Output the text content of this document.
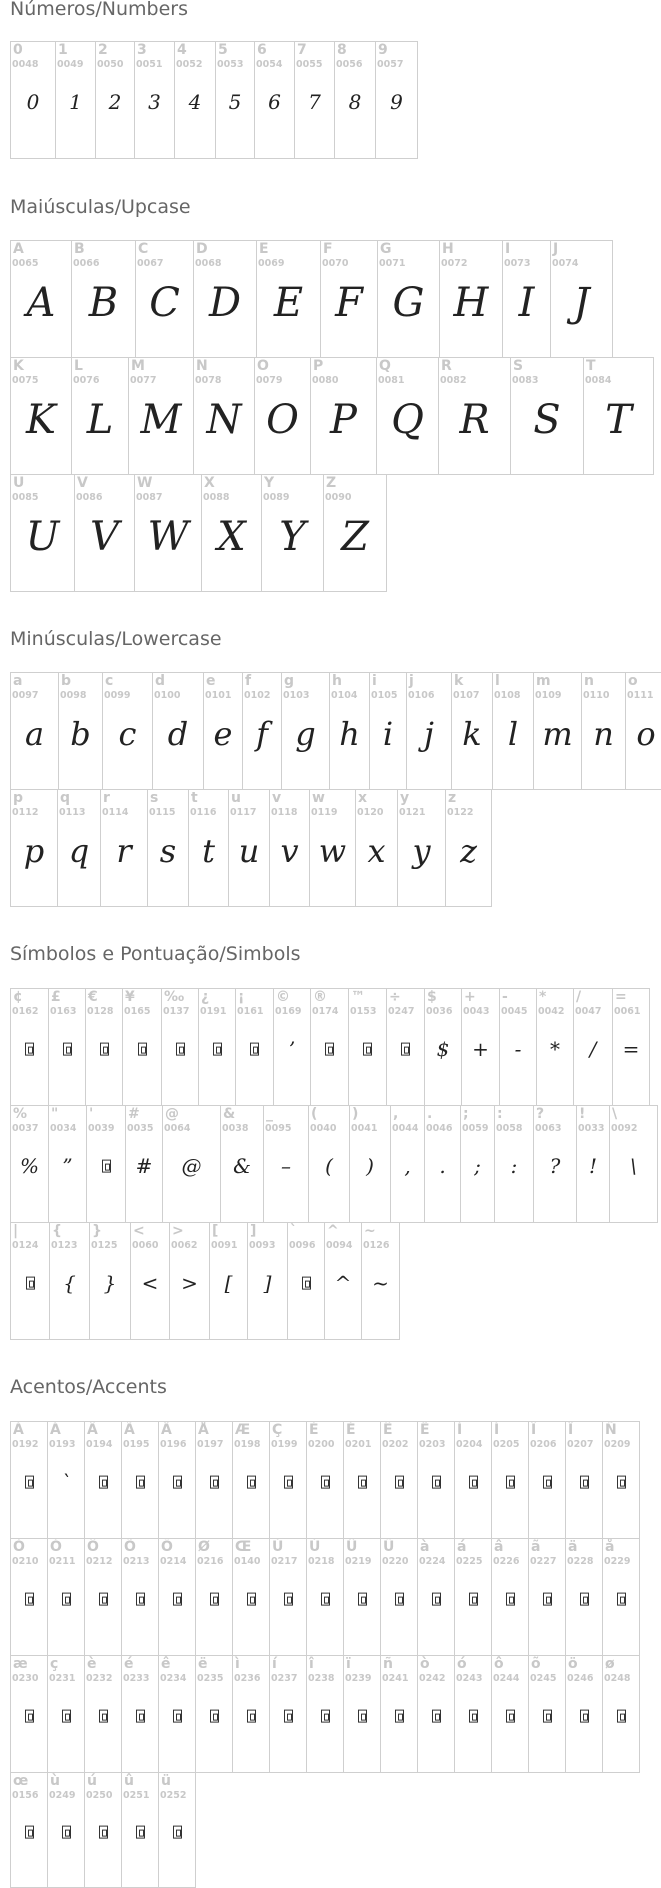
Números/Numbers
Maiúsculas/Upcase
Minúsculas/Lowercase
Símbolos e Pontuação/Simbols
Acentos/Accents
0
0048
0
1
0049
1
2
0050
2
3
0051
3
4
0052
4
5
0053
5
6
0054
6
7
0055
7
8
0056
8
9
0057
9
A
0065
A
B
0066
B
C
0067
C
D
0068
D
E
0069
E
F
0070
F
G
0071
G
H
0072
H
I
0073
I
J
0074
J
K
0075
K
L
0076
L
M
0077
M
N
0078
N
O
0079
O
P
0080
P
Q
0081
Q
R
0082
R
S
0083
S
T
0084
T
U
0085
U
V
0086
V
W
0087
W
X
0088
X
Y
0089
Y
Z
0090
Z
a
0097
a
b
0098
b
c
0099
c
d
0100
d
e
0101
e
f
0102
f
g
0103
g
h
0104
h
i
0105
i
j
0106
j
k
0107
k
l
0108
l
m
0109
m
n
0110
n
o
0111
o
p
0112
p
q
0113
q
r
0114
r
s
0115
s
t
0116
t
u
0117
u
v
0118
v
w
0119
w
x
0120
x
y
0121
y
z
0122
z
¢
0162
£
0163
€
0128
¥
0165
‰
0137
¿
0191
¡
0161
©
0169
’
®
0174
™
0153
÷
0247
$
0036
$
+
0043
+
-
0045
-
*
0042
*
/
0047
/
=
0061
=
%
0037
%
"
0034
”
'
0039
#
0035
#
@
0064
@
&
0038
&
_
0095
–
(
0040
(
)
0041
)
,
0044
,
.
0046
.
;
0059
;
:
0058
:
?
0063
?
!
0033
!
\
0092
\
|
0124
{
0123
{
}
0125
}
<
0060
<
>
0062
>
[
0091
[
]
0093
]
`
0096
^
0094
^
~
0126
~
À
0192
Á
0193
`
Â
0194
Ã
0195
Ä
0196
Å
0197
Æ
0198
Ç
0199
È
0200
É
0201
Ê
0202
Ë
0203
Ì
0204
Í
0205
Î
0206
Ï
0207
Ñ
0209
Ò
0210
Ó
0211
Ô
0212
Õ
0213
Ö
0214
Ø
0216
Œ
0140
Ù
0217
Ú
0218
Û
0219
Ü
0220
à
0224
á
0225
â
0226
ã
0227
ä
0228
å
0229
æ
0230
ç
0231
è
0232
é
0233
ê
0234
ë
0235
ì
0236
í
0237
î
0238
ï
0239
ñ
0241
ò
0242
ó
0243
ô
0244
õ
0245
ö
0246
ø
0248
œ
0156
ù
0249
ú
0250
û
0251
ü
0252
